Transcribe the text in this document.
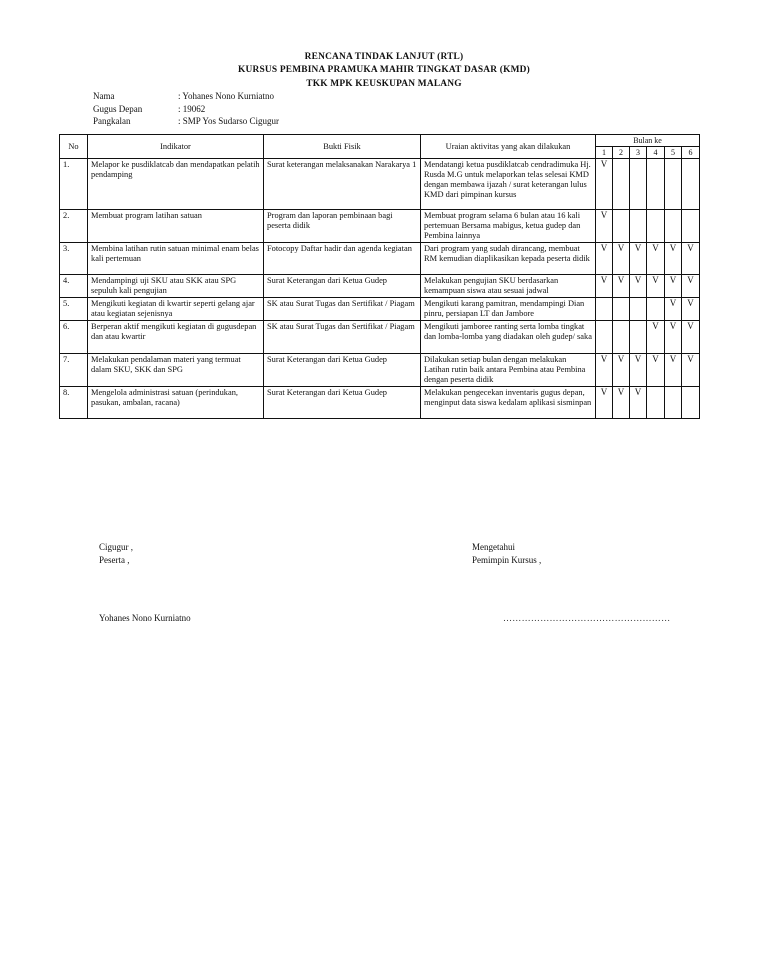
RENCANA TINDAK LANJUT (RTL)
KURSUS PEMBINA PRAMUKA MAHIR TINGKAT DASAR (KMD)
TKK MPK KEUSKUPAN MALANG
Nama	: Yohanes Nono Kurniatno
Gugus Depan	: 19062
Pangkalan	: SMP Yos Sudarso Cigugur
No	Indikator	Bukti Fisik	Uraian aktivitas yang akan dilakukan	Bulan ke					
				1	2	3	4	5	6
1.	Melapor ke pusdiklatcab dan mendapatkan pelatih pendamping	Surat keterangan melaksanakan Narakarya 1	Mendatangi ketua pusdiklatcab cendradimuka Hj. Rusda M.G untuk melaporkan telas selesai KMD dengan membawa ijazah / surat keterangan lulus KMD dari pimpinan kursus	V					
2.	Membuat program latihan satuan	Program dan laporan pembinaan bagi peserta didik	Membuat program selama 6 bulan atau 16 kali pertemuan Bersama mabigus, ketua gudep dan Pembina lainnya	V					
3.	Membina latihan rutin satuan minimal enam belas kali pertemuan	Fotocopy Daftar hadir dan agenda kegiatan	Dari program yang sudah dirancang, membuat RM kemudian diaplikasikan kepada peserta didik	V	V	V	V	V	V
4.	Mendampingi uji SKU atau SKK atau SPG sepuluh kali pengujian	Surat Keterangan dari Ketua Gudep	Melakukan pengujian SKU berdasarkan kemampuan siswa atau sesuai jadwal	V	V	V	V	V	V
5.	Mengikuti kegiatan di kwartir seperti gelang ajar atau kegiatan sejenisnya	SK atau Surat Tugas dan Sertifikat / Piagam	Mengikuti karang pamitran, mendampingi Dian pinru, persiapan LT dan Jambore					V	V
6.	Berperan aktif mengikuti kegiatan di gugusdepan dan atau kwartir	SK atau Surat Tugas dan Sertifikat / Piagam	Mengikuti jamboree ranting serta lomba tingkat dan lomba-lomba yang diadakan oleh gudep/ saka				V	V	V
7.	Melakukan pendalaman materi yang termuat dalam SKU, SKK dan SPG	Surat Keterangan dari Ketua Gudep	Dilakukan setiap bulan dengan melakukan Latihan rutin baik antara Pembina atau Pembina dengan peserta didik	V	V	V	V	V	V
8.	Mengelola administrasi satuan (perindukan, pasukan, ambalan, racana)	Surat Keterangan dari Ketua Gudep	Melakukan pengecekan inventaris gugus depan, menginput data siswa kedalam aplikasi sisminpan	V	V	V			
Cigugur ,
Peserta ,
Mengetahui
Pemimpin Kursus ,
Yohanes Nono Kurniatno	………………………………………………
